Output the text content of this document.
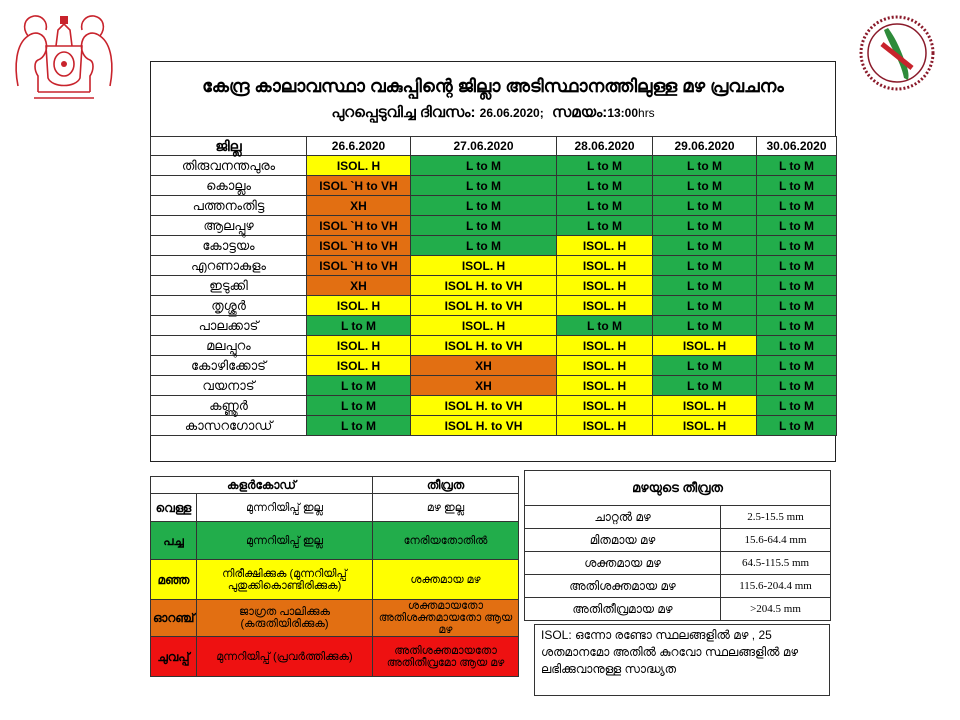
കേന്ദ്ര കാലാവസ്ഥാ വകുപ്പിന്റെ ജില്ലാ അടിസ്ഥാനത്തിലുള്ള മഴ പ്രവചനം
പുറപ്പെടുവിച്ച ദിവസം: 26.06.2020; സമയം:13:00hrs
ജില്ല	26.6.2020	27.06.2020	28.06.2020	29.06.2020	30.06.2020
തിരുവനന്തപുരം	ISOL. H	L to M	L to M	L to M	L to M
കൊല്ലം	ISOL `H to VH	L to M	L to M	L to M	L to M
പത്തനംതിട്ട	XH	L to M	L to M	L to M	L to M
ആലപ്പുഴ	ISOL `H to VH	L to M	L to M	L to M	L to M
കോട്ടയം	ISOL `H to VH	L to M	ISOL. H	L to M	L to M
എറണാകുളം	ISOL `H to VH	ISOL. H	ISOL. H	L to M	L to M
ഇടുക്കി	XH	ISOL H. to VH	ISOL. H	L to M	L to M
തൃശ്ശൂർ	ISOL. H	ISOL H. to VH	ISOL. H	L to M	L to M
പാലക്കാട്	L to M	ISOL. H	L to M	L to M	L to M
മലപ്പുറം	ISOL. H	ISOL H. to VH	ISOL. H	ISOL. H	L to M
കോഴിക്കോട്	ISOL. H	XH	ISOL. H	L to M	L to M
വയനാട്	L to M	XH	ISOL. H	L to M	L to M
കണ്ണൂർ	L to M	ISOL H. to VH	ISOL. H	ISOL. H	L to M
കാസറഗോഡ്	L to M	ISOL H. to VH	ISOL. H	ISOL. H	L to M
കളർകോഡ്		തീവ്രത
വെള്ള	മുന്നറിയിപ്പ് ഇല്ല	മഴ ഇല്ല
പച്ച	മുന്നറിയിപ്പ് ഇല്ല	നേരിയതോതിൽ
മഞ്ഞ	നിരീക്ഷിക്കുക (മുന്നറിയിപ്പ് പുതുക്കികൊണ്ടിരിക്കുക)	ശക്തമായ മഴ
ഓറഞ്ച്	ജാഗ്രത പാലിക്കുക (കരുതിയിരിക്കുക)	ശക്തമായതോ അതിശക്തമായതോ ആയ മഴ
ചുവപ്പ്	മുന്നറിയിപ്പ് (പ്രവർത്തിക്കുക)	അതിശക്തമായതോ അതിതീവ്രമോ ആയ മഴ
മഴയുടെ തീവ്രത	
ചാറ്റൽ മഴ	2.5-15.5 mm
മിതമായ മഴ	15.6-64.4 mm
ശക്തമായ മഴ	64.5-115.5 mm
അതിശക്തമായ മഴ	115.6-204.4 mm
അതിതീവ്രമായ മഴ	>204.5 mm
ISOL: ഒന്നോ രണ്ടോ സ്ഥലങ്ങളിൽ മഴ , 25 ശതമാനമോ അതിൽ കുറവോ സ്ഥലങ്ങളിൽ മഴ ലഭിക്കുവാനുള്ള സാദ്ധ്യത
